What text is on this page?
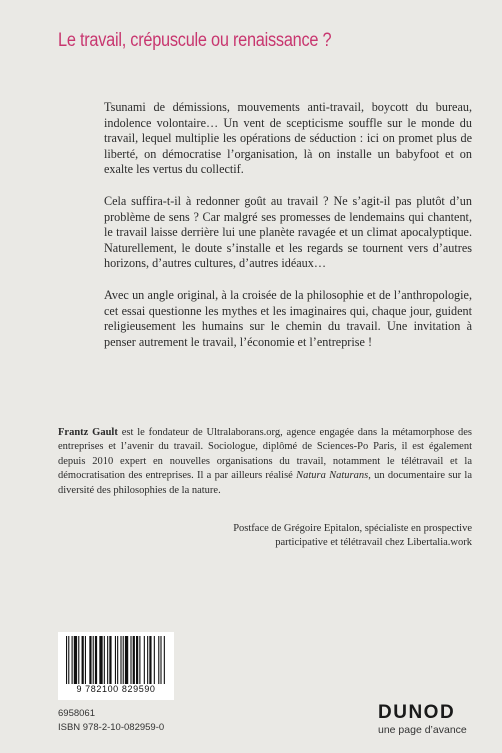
Le travail, crépuscule ou renaissance ?

Tsunami de démissions, mouvements anti-travail, boycott du bureau, indolence volontaire… Un vent de scepticisme souffle sur le monde du travail, lequel multiplie les opérations de séduction : ici on promet plus de liberté, on démocratise l’organisation, là on installe un babyfoot et on exalte les vertus du collectif.

Cela suffira-t-il à redonner goût au travail ? Ne s’agit-il pas plutôt d’un problème de sens ? Car malgré ses promesses de lendemains qui chantent, le travail laisse derrière lui une planète ravagée et un climat apocalyptique. Naturellement, le doute s’installe et les regards se tournent vers d’autres horizons, d’autres cultures, d’autres idéaux…

Avec un angle original, à la croisée de la philosophie et de l’anthropologie, cet essai questionne les mythes et les imaginaires qui, chaque jour, guident religieusement les humains sur le chemin du travail. Une invitation à penser autrement le travail, l’économie et l’entreprise !

Frantz Gault est le fondateur de Ultralaborans.org, agence engagée dans la métamorphose des entreprises et l’avenir du travail. Sociologue, diplômé de Sciences-Po Paris, il est également depuis 2010 expert en nouvelles organisations du travail, notamment le télétravail et la démocratisation des entreprises. Il a par ailleurs réalisé Natura Naturans, un documentaire sur la diversité des philosophies de la nature.
Postface de Grégoire Epitalon, spécialiste en prospective participative et télétravail chez Libertalia.work
9 782100 829590
6958061
ISBN 978-2-10-082959-0
DUNOD
une page d’avance
